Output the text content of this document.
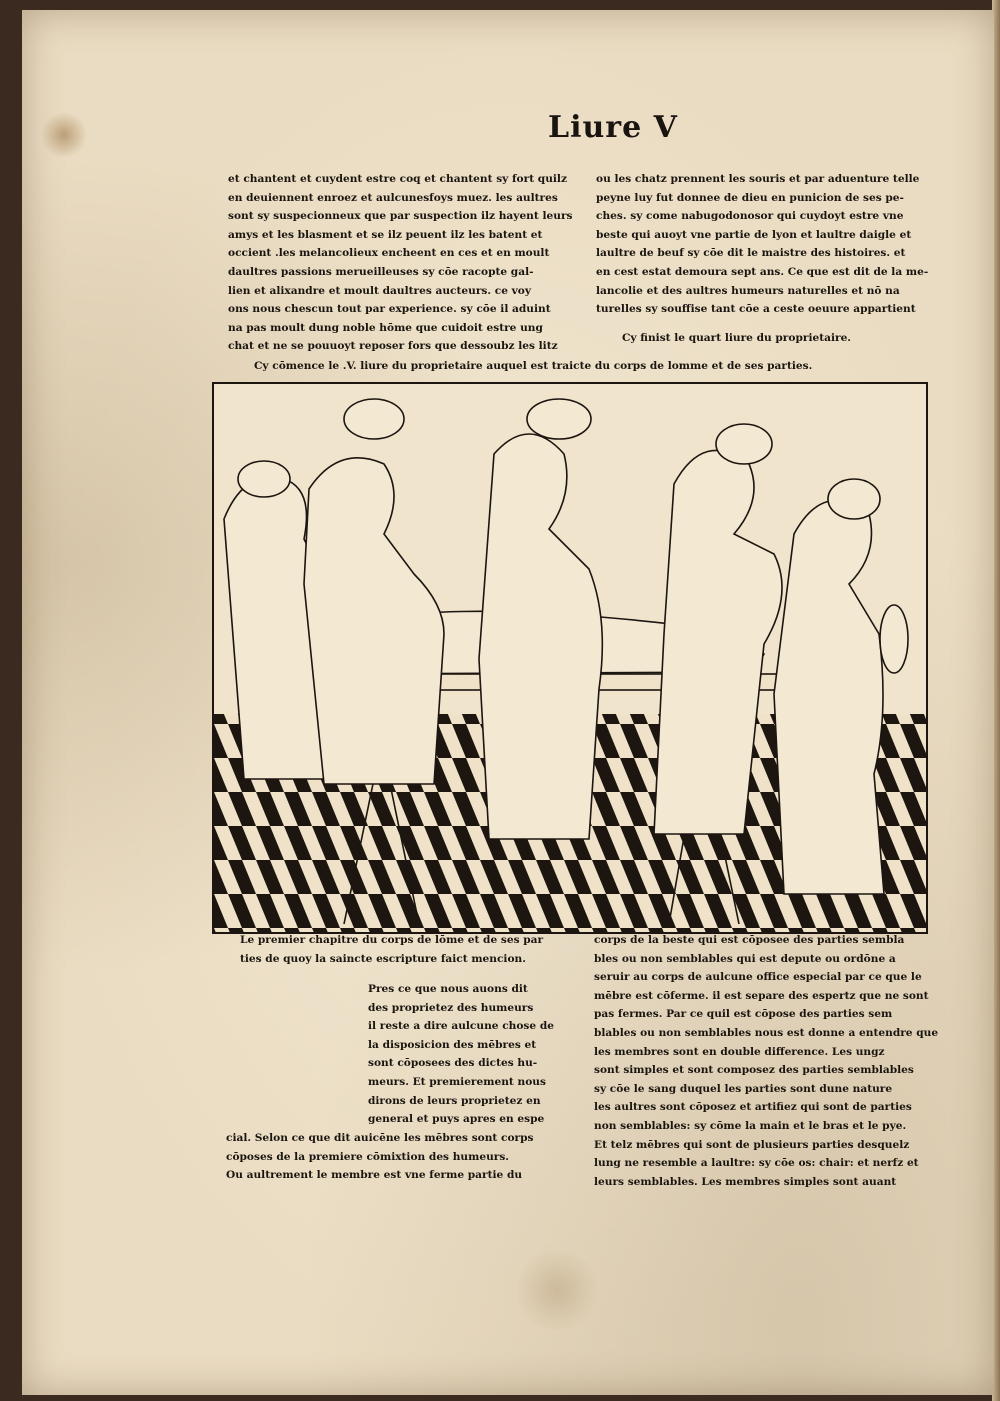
Liure V
et chantent et cuydent estre coq et chantent sy fort quilz
en deuiennent enroez et aulcunesfoys muez. les aultres
sont sy suspecionneux que par suspection ilz hayent leurs
amys et les blasment et se ilz peuent ilz les batent et
occient .les melancolieux encheent en ces et en moult
daultres passions merueilleuses sy cōe racopte gal-
lien et alixandre et moult daultres aucteurs. ce voy
ons nous chescun tout par experience. sy cōe il aduint
na pas moult dung noble hōme que cuidoit estre ung
chat et ne se pouuoyt reposer fors que dessoubz les litz
ou les chatz prennent les souris et par aduenture telle
peyne luy fut donnee de dieu en punicion de ses pe-
ches. sy come nabugodonosor qui cuydoyt estre vne
beste qui auoyt vne partie de lyon et laultre daigle et
laultre de beuf sy cōe dit le maistre des histoires. et
en cest estat demoura sept ans. Ce que est dit de la me-
lancolie et des aultres humeurs naturelles et nō na
turelles sy souffise tant cōe a ceste oeuure appartient
Cy finist le quart liure du proprietaire.
Cy cōmence le .V. liure du proprietaire auquel est traicte du corps de lomme et de ses parties.
Le premier chapitre du corps de lōme et de ses par
ties de quoy la saincte escripture faict mencion.
Pres ce que nous auons dit
des proprietez des humeurs
il reste a dire aulcune chose de
la disposicion des mēbres et
sont cōposees des dictes hu-
meurs. Et premierement nous
dirons de leurs proprietez en
general et puys apres en espe
cial. Selon ce que dit auicēne les mēbres sont corps
cōposes de la premiere cōmixtion des humeurs.
Ou aultrement le membre est vne ferme partie du
corps de la beste qui est cōposee des parties sembla
bles ou non semblables qui est depute ou ordōne a
seruir au corps de aulcune office especial par ce que le
mēbre est cōferme. il est separe des espertz que ne sont
pas fermes. Par ce quil est cōpose des parties sem
blables ou non semblables nous est donne a entendre que
les membres sont en double difference. Les ungz
sont simples et sont composez des parties semblables
sy cōe le sang duquel les parties sont dune nature
les aultres sont cōposez et artifiez qui sont de parties
non semblables: sy cōme la main et le bras et le pye.
Et telz mēbres qui sont de plusieurs parties desquelz
lung ne resemble a laultre: sy cōe os: chair: et nerfz et
leurs semblables. Les membres simples sont auant
